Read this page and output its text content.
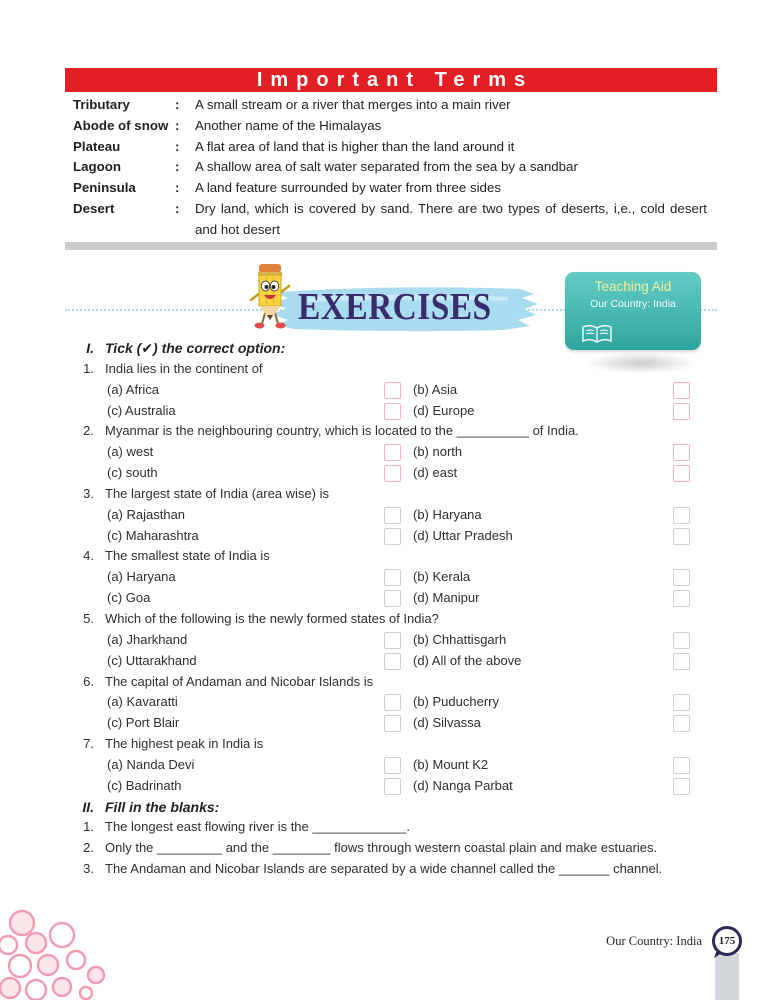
Important Terms
Tributary	: A small stream or a river that merges into a main river
Abode of snow : Another name of the Himalayas
Plateau	: A flat area of land that is higher than the land around it
Lagoon	: A shallow area of salt water separated from the sea by a sandbar
Peninsula	: A land feature surrounded by water from three sides
Desert	: Dry land, which is covered by sand. There are two types of deserts, i,e., cold desert and hot desert
EXERCISES	Teaching Aid
Our Country: India
I. Tick (✔) the correct option:
1. India lies in the continent of
(a) Africa	(b) Asia
(c) Australia	(d) Europe
2. Myanmar is the neighbouring country, which is located to the __________ of India.
(a) west	(b) north
(c) south	(d) east
3. The largest state of India (area wise) is
(a) Rajasthan	(b) Haryana
(c) Maharashtra	(d) Uttar Pradesh
4. The smallest state of India is
(a) Haryana	(b) Kerala
(c) Goa	(d) Manipur
5. Which of the following is the newly formed states of India?
(a) Jharkhand	(b) Chhattisgarh
(c) Uttarakhand	(d) All of the above
6. The capital of Andaman and Nicobar Islands is
(a) Kavaratti	(b) Puducherry
(c) Port Blair	(d) Silvassa
7. The highest peak in India is
(a) Nanda Devi	(b) Mount K2
(c) Badrinath	(d) Nanga Parbat
II. Fill in the blanks:
1. The longest east flowing river is the _____________.
2. Only the _________ and the ________ flows through western coastal plain and make estuaries.
3. The Andaman and Nicobar Islands are separated by a wide channel called the _______ channel.
Our Country: India	175
